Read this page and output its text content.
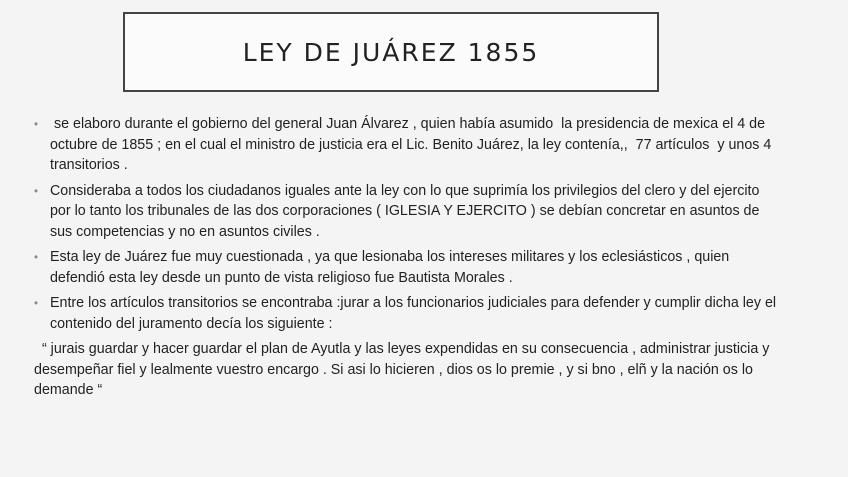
LEY DE JUÁREZ 1855
• se elaboro durante el gobierno del general Juan Álvarez , quien había asumido  la presidencia de mexica el 4 de octubre de 1855 ; en el cual el ministro de justicia era el Lic. Benito Juárez, la ley contenía,,  77 artículos  y unos 4 transitorios .
• Consideraba a todos los ciudadanos iguales ante la ley con lo que suprimía los privilegios del clero y del ejercito por lo tanto los tribunales de las dos corporaciones ( IGLESIA Y EJERCITO ) se debían concretar en asuntos de sus competencias y no en asuntos civiles .
• Esta ley de Juárez fue muy cuestionada , ya que lesionaba los intereses militares y los eclesiásticos , quien defendió esta ley desde un punto de vista religioso fue Bautista Morales .
• Entre los artículos transitorios se encontraba :jurar a los funcionarios judiciales para defender y cumplir dicha ley el contenido del juramento decía los siguiente :
“ jurais guardar y hacer guardar el plan de Ayutla y las leyes expendidas en su consecuencia , administrar justicia y desempeñar fiel y lealmente vuestro encargo . Si asi lo hicieren , dios os lo premie , y si bno , elñ y la nación os lo demande “
